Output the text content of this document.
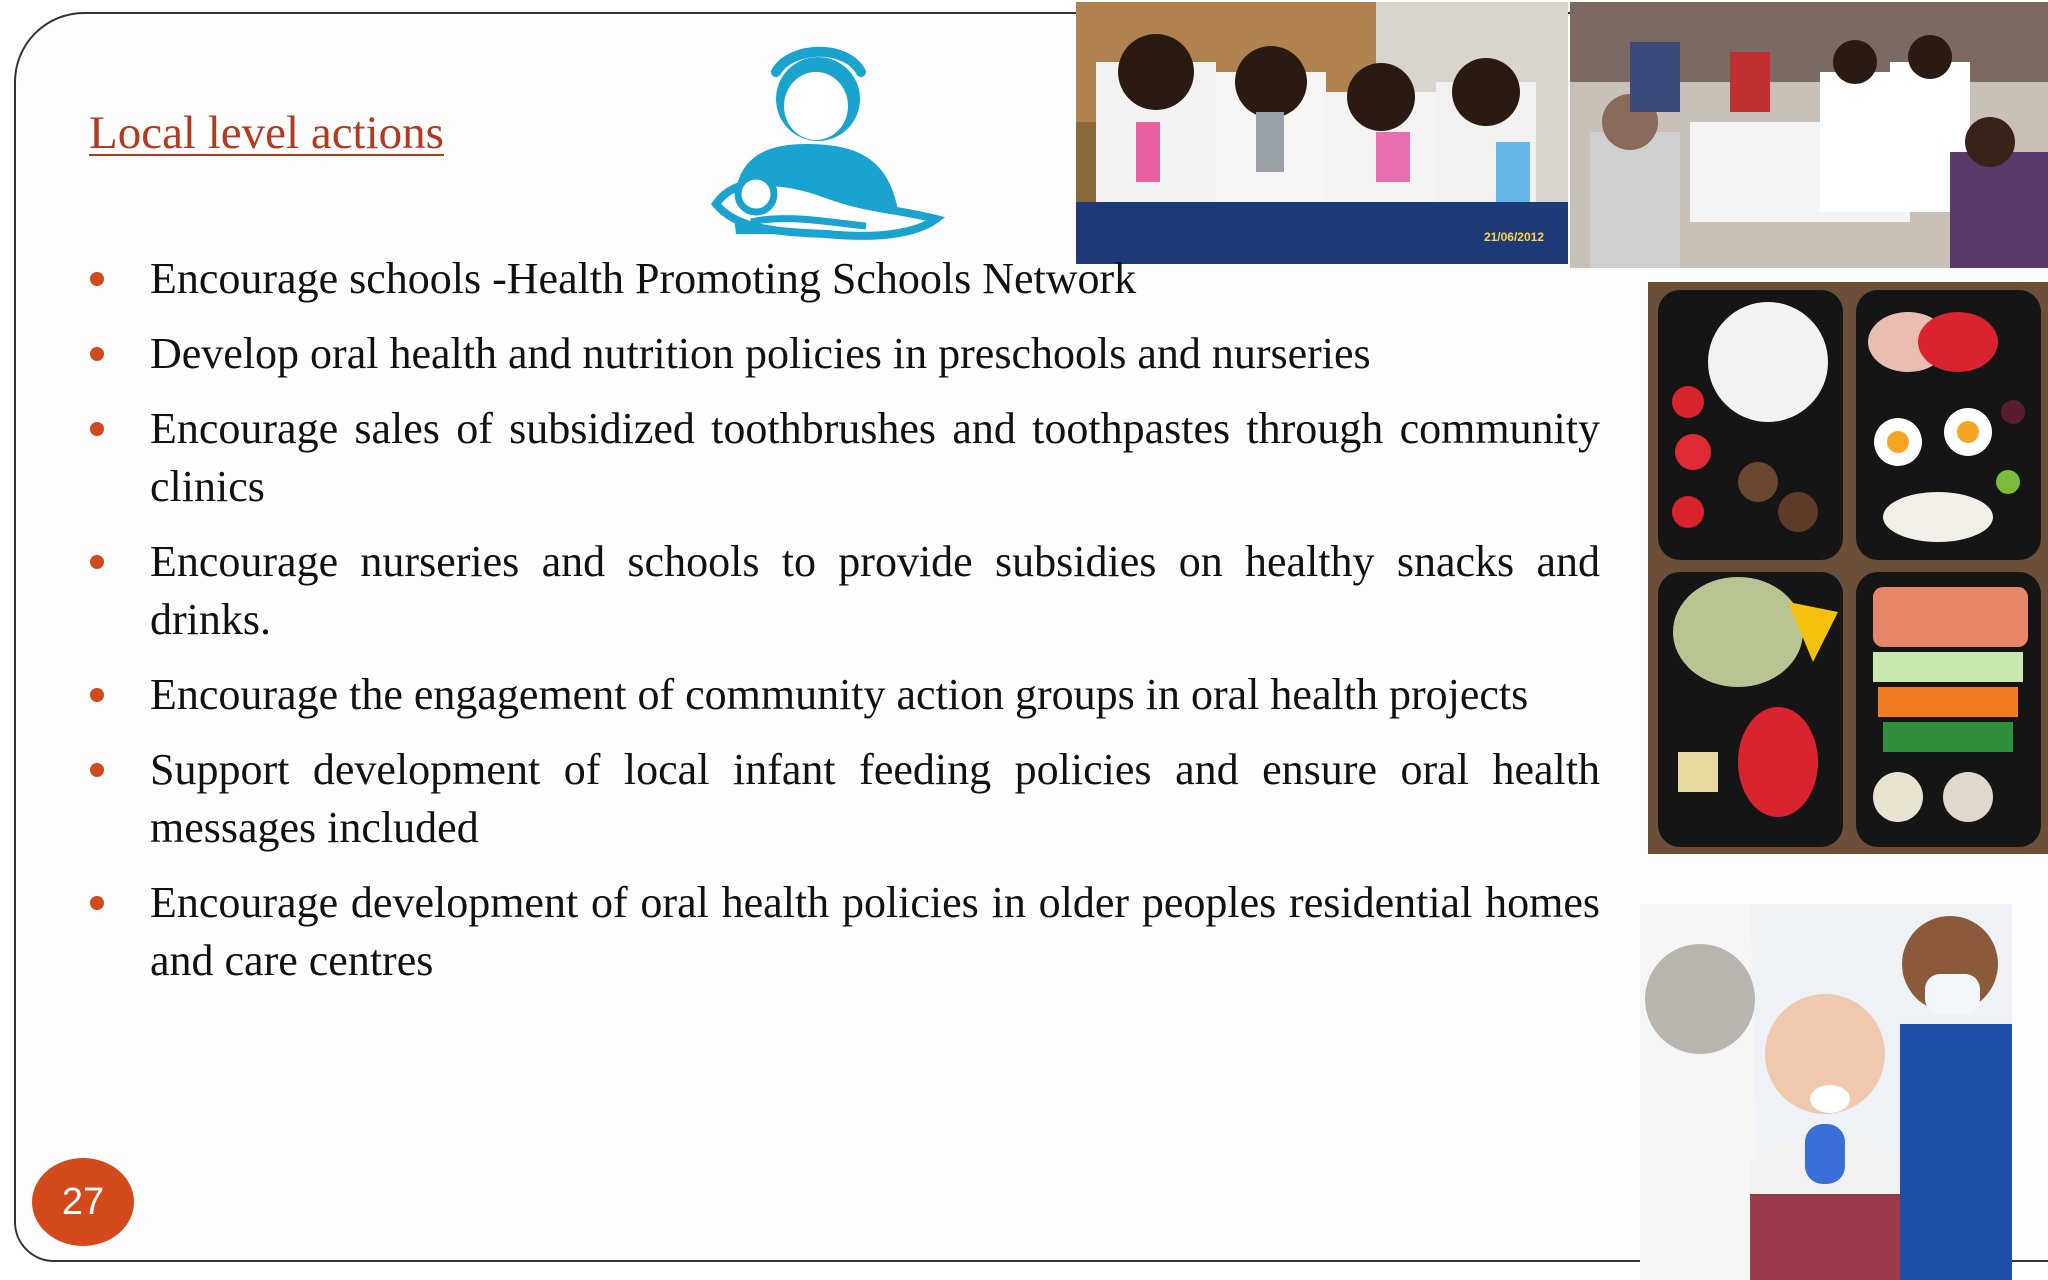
Local level actions
21/06/2012
Encourage schools -Health Promoting Schools Network
Develop oral health and nutrition policies in preschools and nurseries
Encourage sales of subsidized toothbrushes and toothpastes through community clinics
Encourage nurseries and schools to provide subsidies on healthy snacks and drinks.
Encourage the engagement of community action groups in oral health projects
Support development of local infant feeding policies and ensure oral health messages included
Encourage development of oral health policies in older peoples residential homes and care centres
27
